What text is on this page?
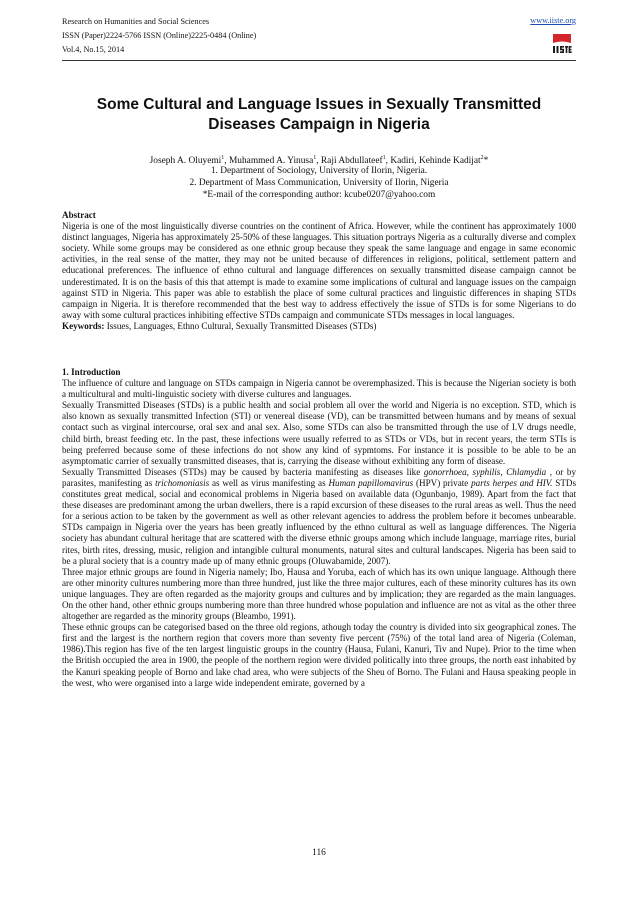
Research on Humanities and Social Sciences
ISSN (Paper)2224-5766 ISSN (Online)2225-0484 (Online)
Vol.4, No.15, 2014
www.iiste.org
Some Cultural and Language Issues in Sexually Transmitted Diseases Campaign in Nigeria
Joseph A. Oluyemi$^1$, Muhammed A. Yinusa$^1$, Raji Abdullateef$^1$, Kadiri, Kehinde Kadijat$^2$*
1. Department of Sociology, University of Ilorin, Nigeria.
2. Department of Mass Communication, University of Ilorin, Nigeria
*E-mail of the corresponding author: kcube0207@yahoo.com

Abstract

Nigeria is one of the most linguistically diverse countries on the continent of Africa. However, while the continent has approximately 1000 distinct languages, Nigeria has approximately 25-50% of these languages. This situation portrays Nigeria as a culturally diverse and complex society. While some groups may be considered as one ethnic group because they speak the same language and engage in same economic activities, in the real sense of the matter, they may not be united because of differences in religions, political, settlement pattern and educational preferences. The influence of ethno cultural and language differences on sexually transmitted disease campaign cannot be underestimated. It is on the basis of this that attempt is made to examine some implications of cultural and language issues on the campaign against STD in Nigeria. This paper was able to establish the place of some cultural practices and linguistic differences in shaping STDs campaign in Nigeria. It is therefore recommended that the best way to address effectively the issue of STDs is for some Nigerians to do away with some cultural practices inhibiting effective STDs campaign and communicate STDs messages in local languages.

Keywords: Issues, Languages, Ethno Cultural, Sexually Transmitted Diseases (STDs)

1. Introduction

The influence of culture and language on STDs campaign in Nigeria cannot be overemphasized. This is because the Nigerian society is both a multicultural and multi-linguistic society with diverse cultures and languages.

Sexually Transmitted Diseases (STDs) is a public health and social problem all over the world and Nigeria is no exception. STD, which is also known as sexually transmitted Infection (STI) or venereal disease (VD), can be transmitted between humans and by means of sexual contact such as virginal intercourse, oral sex and anal sex. Also, some STDs can also be transmitted through the use of I.V drugs needle, child birth, breast feeding etc. In the past, these infections were usually referred to as STDs or VDs, but in recent years, the term STIs is being preferred because some of these infections do not show any kind of sypmtoms. For instance it is possible to be able to be an asymptomatic carrier of sexually transmitted diseases, that is, carrying the disease without exhibiting any form of disease.

Sexually Transmitted Diseases (STDs) may be caused by bacteria manifesting as diseases like gonorrhoea, syphilis, Chlamydia , or by parasites, manifesting as trichomoniasis as well as virus manifesting as Human papillomavirus (HPV) private parts herpes and HIV. STDs constitutes great medical, social and economical problems in Nigeria based on available data (Ogunbanjo, 1989). Apart from the fact that these diseases are predominant among the urban dwellers, there is a rapid excursion of these diseases to the rural areas as well. Thus the need for a serious action to be taken by the government as well as other relevant agencies to address the problem before it becomes unbearable. STDs campaign in Nigeria over the years has been greatly influenced by the ethno cultural as well as language differences. The Nigeria society has abundant cultural heritage that are scattered with the diverse ethnic groups among which include language, marriage rites, burial rites, birth rites, dressing, music, religion and intangible cultural monuments, natural sites and cultural landscapes. Nigeria has been said to be a plural society that is a country made up of many ethnic groups (Oluwabamide, 2007).

Three major ethnic groups are found in Nigeria namely; Ibo, Hausa and Yoruba, each of which has its own unique language. Although there are other minority cultures numbering more than three hundred, just like the three major cultures, each of these minority cultures has its own unique languages. They are often regarded as the majority groups and cultures and by implication; they are regarded as the main languages. On the other hand, other ethnic groups numbering more than three hundred whose population and influence are not as vital as the other three altogether are regarded as the minority groups (Bleambo, 1991).

These ethnic groups can be categorised based on the three old regions, athough today the country is divided into six geographical zones. The first and the largest is the northern region that covers more than seventy five percent (75%) of the total land area of Nigeria (Coleman, 1986).This region has five of the ten largest linguistic groups in the country (Hausa, Fulani, Kanuri, Tiv and Nupe). Prior to the time when the British occupied the area in 1900, the people of the northern region were divided politically into three groups, the north east inhabited by the Kanuri speaking people of Borno and lake chad area, who were subjects of the Sheu of Borno. The Fulani and Hausa speaking people in the west, who were organised into a large wide independent emirate, governed by a

116
